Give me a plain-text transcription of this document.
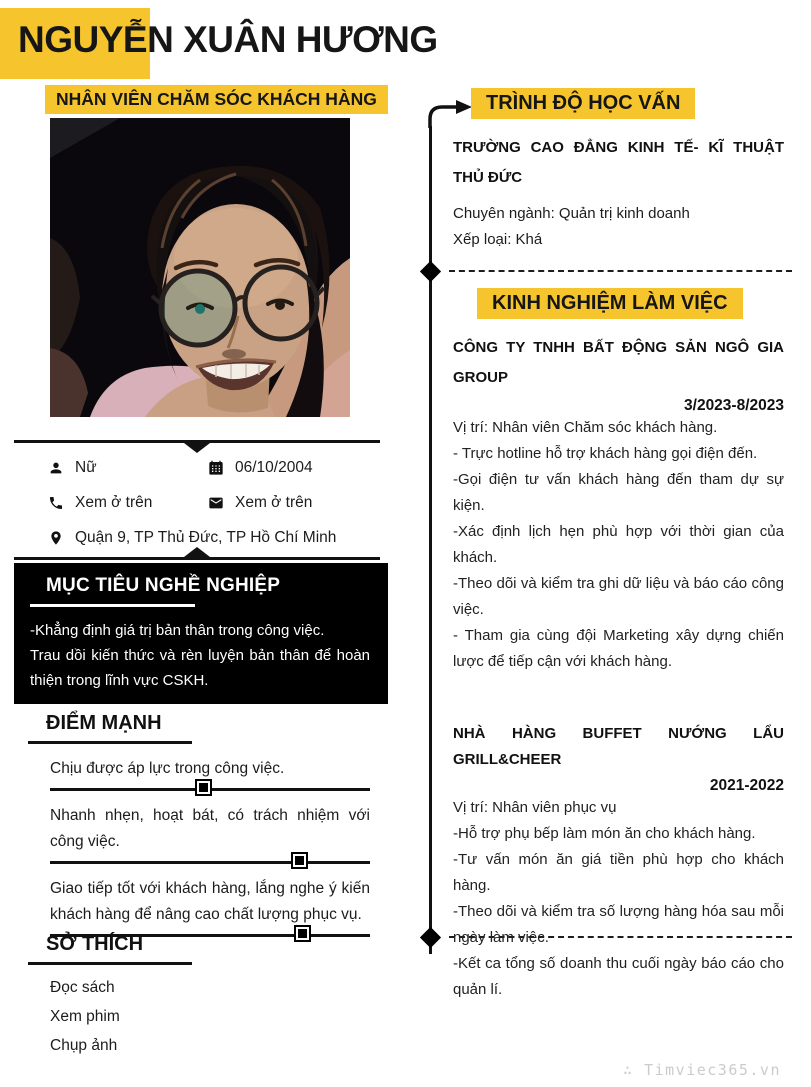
NGUYỄN XUÂN HƯƠNG
NHÂN VIÊN CHĂM SÓC KHÁCH HÀNG
Nữ	06/10/2004
Xem ở trên	Xem ở trên
Quận 9, TP Thủ Đức, TP Hồ Chí Minh
MỤC TIÊU NGHỀ NGHIỆP

-Khẳng định giá trị bản thân trong công việc.

Trau dồi kiến thức và rèn luyện bản thân để hoàn thiện trong lĩnh vực CSKH.

ĐIỂM MẠNH

Chịu được áp lực trong công việc.

Nhanh nhẹn, hoạt bát, có trách nhiệm với công việc.

Giao tiếp tốt với khách hàng, lắng nghe ý kiến khách hàng để nâng cao chất lượng phục vụ.

SỞ THÍCH
Đọc sách
Xem phim
Chụp ảnh
TRÌNH ĐỘ HỌC VẤN

TRƯỜNG CAO ĐẲNG KINH TẾ- KĨ THUẬT THỦ ĐỨC

Chuyên ngành: Quản trị kinh doanh

Xếp loại: Khá

KINH NGHIỆM LÀM VIỆC

CÔNG TY TNHH BẤT ĐỘNG SẢN NGÔ GIA GROUP

3/2023-8/2023

Vị trí: Nhân viên Chăm sóc khách hàng.

- Trực hotline hỗ trợ khách hàng gọi điện đến.

-Gọi điện tư vấn khách hàng đến tham dự sự kiện.

-Xác định lịch hẹn phù hợp với thời gian của khách.

-Theo dõi và kiểm tra ghi dữ liệu và báo cáo công việc.

- Tham gia cùng đội Marketing xây dựng chiến lược để tiếp cận với khách hàng.

NHÀ HÀNG BUFFET NƯỚNG LẨU GRILL&CHEER

2021-2022

Vị trí: Nhân viên phục vụ

-Hỗ trợ phụ bếp làm món ăn cho khách hàng.

-Tư vấn món ăn giá tiền phù hợp cho khách hàng.

-Theo dõi và kiểm tra số lượng hàng hóa sau mỗi ngày làm việc.

-Kết ca tổng số doanh thu cuối ngày báo cáo cho quản lí.

∴ Timviec365.vn
